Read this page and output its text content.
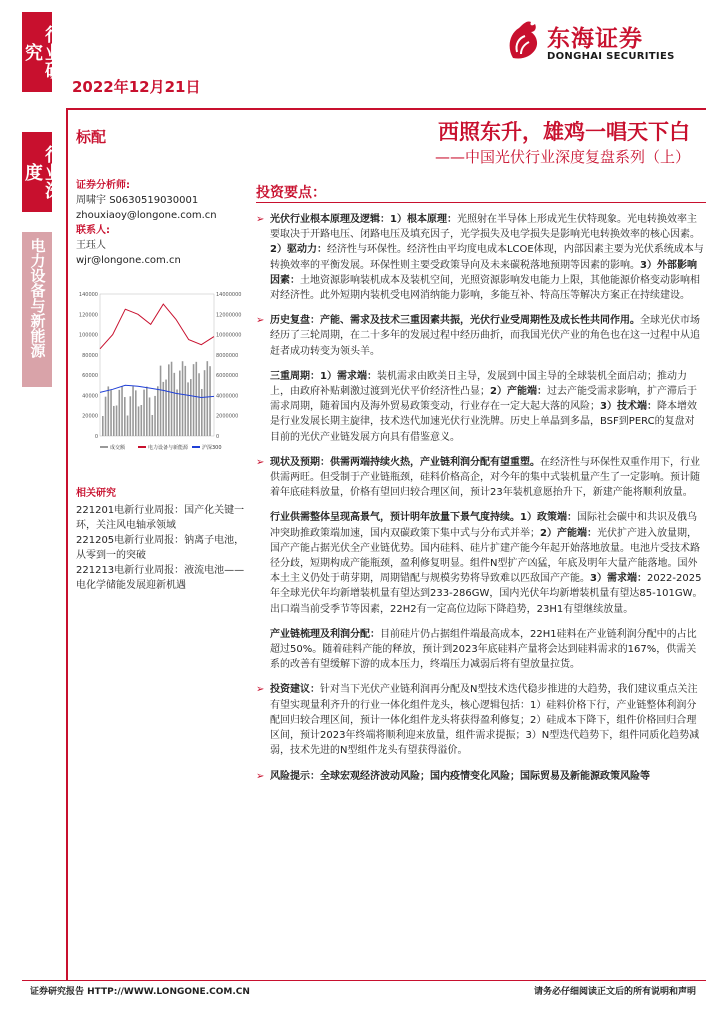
行业研究
行业深度
电力设备与新能源
2022年12月21日
东海证券
DONGHAI SECURITIES
标配	西照东升，雄鸡一唱天下白
——中国光伏行业深度复盘系列（上）
证券分析师:
周啸宇 S0630519030001
zhouxiaoy@longone.com.cn
联系人:
王珏人
wjr@longone.com.cn
140000
120000
100000
80000
60000
40000
20000
0
14000000
12000000
10000000
8000000
6000000
4000000
2000000
0
成交额	电力设备与新能源	沪深300
相关研究
221201电新行业周报：国产化关键一环，关注风电轴承领域
221205电新行业周报：钠离子电池，从零到一的突破
221213电新行业周报：液流电池——电化学储能发展迎新机遇
投资要点：
➢ 光伏行业根本原理及逻辑：1）根本原理：光照射在半导体上形成光生伏特现象。光电转换效率主要取决于开路电压、闭路电压及填充因子，光学损失及电学损失是影响光电转换效率的核心因素。2）驱动力：经济性与环保性。经济性由平均度电成本LCOE体现，内部因素主要为光伏系统成本与转换效率的平衡发展。环保性则主要受政策导向及未来碳税落地预期等因素的影响。3）外部影响因素：土地资源影响装机成本及装机空间，光照资源影响发电能力上限，其他能源价格变动影响相对经济性。此外短期内装机受电网消纳能力影响，多能互补、特高压等解决方案正在持续建设。
➢ 历史复盘：产能、需求及技术三重因素共振，光伏行业受周期性及成长性共同作用。全球光伏市场经历了三轮周期，在二十多年的发展过程中经历曲折，而我国光伏产业的角色也在这一过程中从追赶者成功转变为领头羊。
三重周期：1）需求端：装机需求由欧美日主导，发展到中国主导的全球装机全面启动；推动力上，由政府补贴刺激过渡到光伏平价经济性凸显；2）产能端：过去产能受需求影响，扩产滞后于需求周期，随着国内及海外贸易政策变动，行业存在一定大起大落的风险；3）技术端：降本增效是行业发展长期主旋律，技术迭代加速光伏行业洗牌。历史上单晶到多晶，BSF到PERC的复盘对目前的光伏产业链发展方向具有借鉴意义。
➢ 现状及预期：供需两端持续火热，产业链利润分配有望重塑。在经济性与环保性双重作用下，行业供需两旺。但受制于产业链瓶颈，硅料价格高企，对今年的集中式装机量产生了一定影响。预计随着年底硅料放量，价格有望回归较合理区间，预计23年装机意愿抬升下，新建产能将顺利放量。
行业供需整体呈现高景气，预计明年放量下景气度持续。1）政策端：国际社会碳中和共识及俄乌冲突助推政策端加速，国内双碳政策下集中式与分布式并举；2）产能端：光伏扩产进入放量期，国产产能占据光伏全产业链优势。国内硅料、硅片扩建产能今年起开始落地放量。电池片受技术路径分歧，短期构成产能瓶颈，盈利修复明显。组件N型扩产凶猛，年底及明年大量产能落地。国外本土主义仍处于萌芽期，周期错配与规模劣势将导致难以匹敌国产产能。3）需求端：2022-2025年全球光伏年均新增装机量有望达到233-286GW，国内光伏年均新增装机量有望达85-101GW。出口端当前受季节等因素，22H2有一定高位边际下降趋势，23H1有望继续放量。
产业链梳理及利润分配：目前硅片仍占据组件端最高成本，22H1硅料在产业链利润分配中的占比超过50%。随着硅料产能的释放，预计到2023年底硅料产量将会达到硅料需求的167%，供需关系的改善有望缓解下游的成本压力，终端压力减弱后将有望放量拉货。
➢ 投资建议：针对当下光伏产业链利润再分配及N型技术迭代稳步推进的大趋势，我们建议重点关注有望实现量利齐升的行业一体化组件龙头，核心逻辑包括：1）硅料价格下行，产业链整体利润分配回归较合理区间，预计一体化组件龙头将获得盈利修复；2）硅成本下降下，组件价格回归合理区间，预计2023年终端将顺利迎来放量，组件需求提振；3）N型迭代趋势下，组件同质化趋势减弱，技术先进的N型组件龙头有望获得溢价。
➢ 风险提示：全球宏观经济波动风险；国内疫情变化风险；国际贸易及新能源政策风险等
证券研究报告 HTTP://WWW.LONGONE.COM.CN	请务必仔细阅读正文后的所有说明和声明
